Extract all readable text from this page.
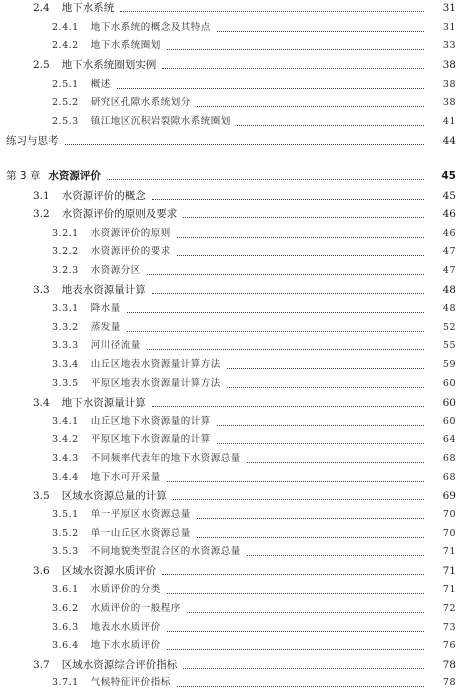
2.4 地下水系统	31
2.4.1 地下水系统的概念及其特点	31
2.4.2 地下水系统圈划	33
2.5 地下水系统圈划实例	38
2.5.1 概述	38
2.5.2 研究区孔隙水系统划分	38
2.5.3 镇江地区沉积岩裂隙水系统圈划	41
练习与思考	44
第 3 章 水资源评价	45
3.1 水资源评价的概念	45
3.2 水资源评价的原则及要求	46
3.2.1 水资源评价的原则	46
3.2.2 水资源评价的要求	47
3.2.3 水资源分区	47
3.3 地表水资源量计算	48
3.3.1 降水量	48
3.3.2 蒸发量	52
3.3.3 河川径流量	55
3.3.4 山丘区地表水资源量计算方法	59
3.3.5 平原区地表水资源量计算方法	60
3.4 地下水资源量计算	60
3.4.1 山丘区地下水资源量的计算	60
3.4.2 平原区地下水资源量的计算	64
3.4.3 不同频率代表年的地下水资源总量	68
3.4.4 地下水可开采量	68
3.5 区域水资源总量的计算	69
3.5.1 单一平原区水资源总量	70
3.5.2 单一山丘区水资源总量	70
3.5.3 不同地貌类型混合区的水资源总量	71
3.6 区域水资源水质评价	71
3.6.1 水质评价的分类	71
3.6.2 水质评价的一般程序	72
3.6.3 地表水水质评价	73
3.6.4 地下水水质评价	76
3.7 区域水资源综合评价指标	78
3.7.1 气候特征评价指标	78
